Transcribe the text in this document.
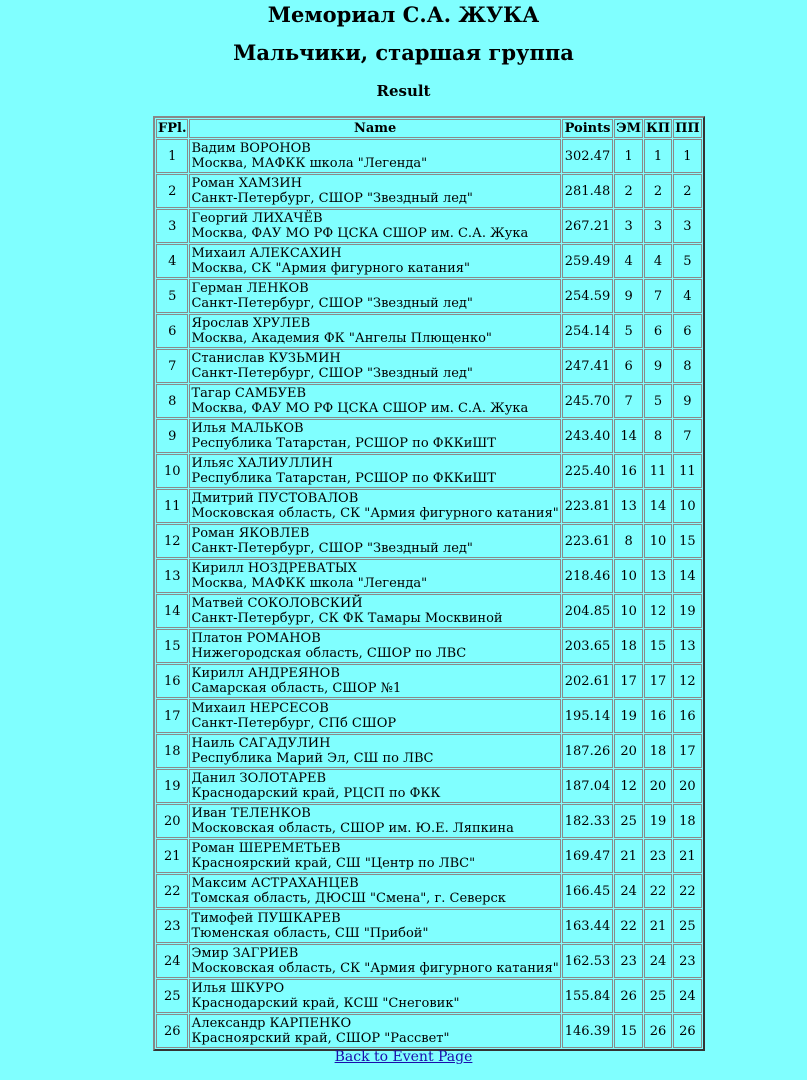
Мемориал С.А. ЖУКА
Мальчики, старшая группа
Result
FPl.	Name	Points	ЭМ	КП	ПП
1	Вадим ВОРОНОВ
Москва, МАФКК школа "Легенда"	302.47	1	1	1
2	Роман ХАМЗИН
Санкт-Петербург, СШОР "Звездный лед"	281.48	2	2	2
3	Георгий ЛИХАЧЁВ
Москва, ФАУ МО РФ ЦСКА СШОР им. С.А. Жука	267.21	3	3	3
4	Михаил АЛЕКСАХИН
Москва, СК "Армия фигурного катания"	259.49	4	4	5
5	Герман ЛЕНКОВ
Санкт-Петербург, СШОР "Звездный лед"	254.59	9	7	4
6	Ярослав ХРУЛЕВ
Москва, Академия ФК "Ангелы Плющенко"	254.14	5	6	6
7	Станислав КУЗЬМИН
Санкт-Петербург, СШОР "Звездный лед"	247.41	6	9	8
8	Тагар САМБУЕВ
Москва, ФАУ МО РФ ЦСКА СШОР им. С.А. Жука	245.70	7	5	9
9	Илья МАЛЬКОВ
Республика Татарстан, РСШОР по ФККиШТ	243.40	14	8	7
10	Ильяс ХАЛИУЛЛИН
Республика Татарстан, РСШОР по ФККиШТ	225.40	16	11	11
11	Дмитрий ПУСТОВАЛОВ
Московская область, СК "Армия фигурного катания"	223.81	13	14	10
12	Роман ЯКОВЛЕВ
Санкт-Петербург, СШОР "Звездный лед"	223.61	8	10	15
13	Кирилл НОЗДРЕВАТЫХ
Москва, МАФКК школа "Легенда"	218.46	10	13	14
14	Матвей СОКОЛОВСКИЙ
Санкт-Петербург, СК ФК Тамары Москвиной	204.85	10	12	19
15	Платон РОМАНОВ
Нижегородская область, СШОР по ЛВС	203.65	18	15	13
16	Кирилл АНДРЕЯНОВ
Самарская область, СШОР №1	202.61	17	17	12
17	Михаил НЕРСЕСОВ
Санкт-Петербург, СПб СШОР	195.14	19	16	16
18	Наиль САГАДУЛИН
Республика Марий Эл, СШ по ЛВС	187.26	20	18	17
19	Данил ЗОЛОТАРЕВ
Краснодарский край, РЦСП по ФКК	187.04	12	20	20
20	Иван ТЕЛЕНКОВ
Московская область, СШОР им. Ю.Е. Ляпкина	182.33	25	19	18
21	Роман ШЕРЕМЕТЬЕВ
Красноярский край, СШ "Центр по ЛВС"	169.47	21	23	21
22	Максим АСТРАХАНЦЕВ
Томская область, ДЮСШ "Смена", г. Северск	166.45	24	22	22
23	Тимофей ПУШКАРЕВ
Тюменская область, СШ "Прибой"	163.44	22	21	25
24	Эмир ЗАГРИЕВ
Московская область, СК "Армия фигурного катания"	162.53	23	24	23
25	Илья ШКУРО
Краснодарский край, КСШ "Снеговик"	155.84	26	25	24
26	Александр КАРПЕНКО
Красноярский край, СШОР "Рассвет"	146.39	15	26	26
Back to Event Page
